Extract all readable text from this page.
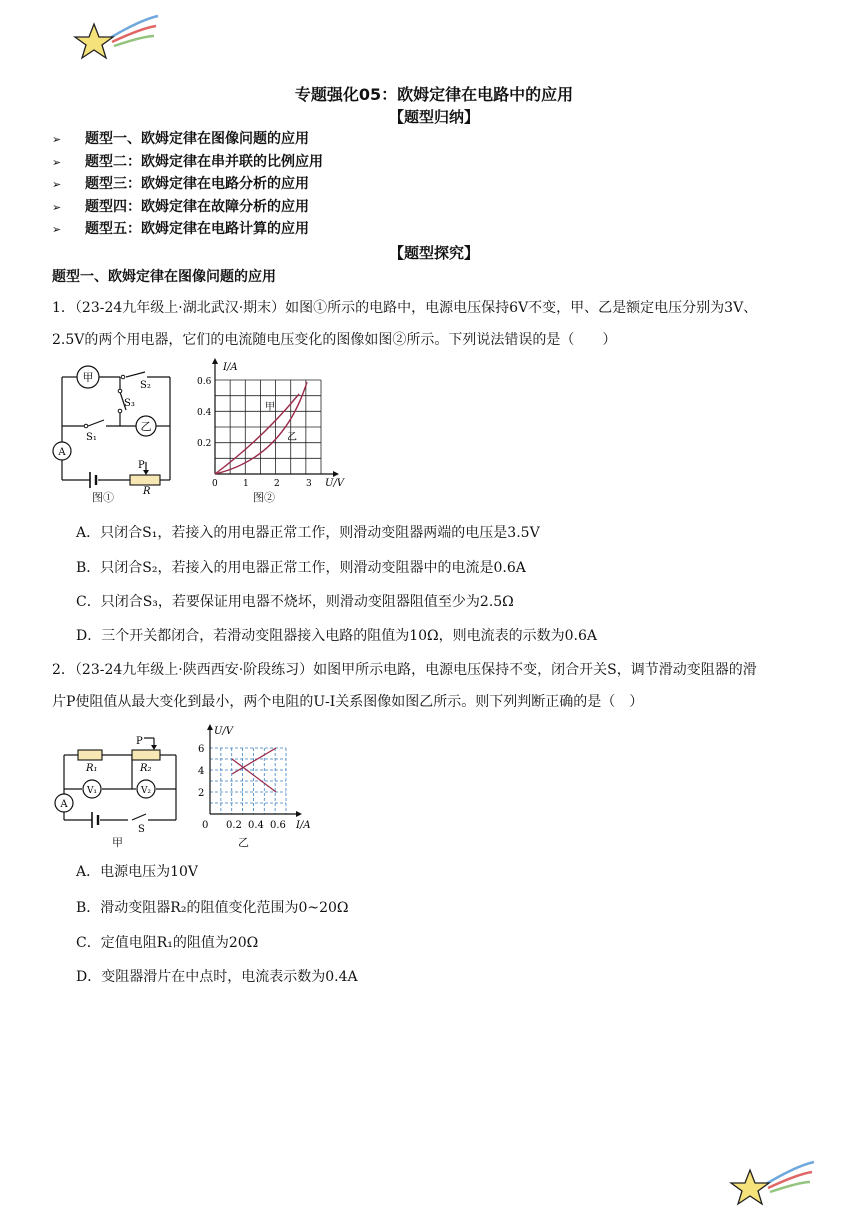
专题强化05：欧姆定律在电路中的应用
【题型归纳】
➢ 题型一、欧姆定律在图像问题的应用
➢ 题型二：欧姆定律在串并联的比例应用
➢ 题型三：欧姆定律在电路分析的应用
➢ 题型四：欧姆定律在故障分析的应用
➢ 题型五：欧姆定律在电路计算的应用
【题型探究】
题型一、欧姆定律在图像问题的应用
1．（23-24九年级上·湖北武汉·期末）如图①所示的电路中，电源电压保持6V不变，甲、乙是额定电压分别为3V、
2.5V的两个用电器，它们的电流随电压变化的图像如图②所示。下列说法错误的是（　　）
甲
乙
A
S₂
S₃
S₁
P
R
图①
I/A
U/V
0.6
0.4
0.2
0	1	2	3
甲
乙
图②
A．只闭合S₁，若接入的用电器正常工作，则滑动变阻器两端的电压是3.5V
B．只闭合S₂，若接入的用电器正常工作，则滑动变阻器中的电流是0.6A
C．只闭合S₃，若要保证用电器不烧坏，则滑动变阻器阻值至少为2.5Ω
D．三个开关都闭合，若滑动变阻器接入电路的阻值为10Ω，则电流表的示数为0.6A
2．（23-24九年级上·陕西西安·阶段练习）如图甲所示电路，电源电压保持不变，闭合开关S，调节滑动变阻器的滑
片P使阻值从最大变化到最小，两个电阻的U-I关系图像如图乙所示。则下列判断正确的是（　）
R₁	R₂
P
V₁	V₂
A
S
甲
U/V
I/A
6
4
2
0 0.2 0.4 0.6
乙
A．电源电压为10V
B．滑动变阻器R₂的阻值变化范围为0~20Ω
C．定值电阻R₁的阻值为20Ω
D．变阻器滑片在中点时，电流表示数为0.4A
